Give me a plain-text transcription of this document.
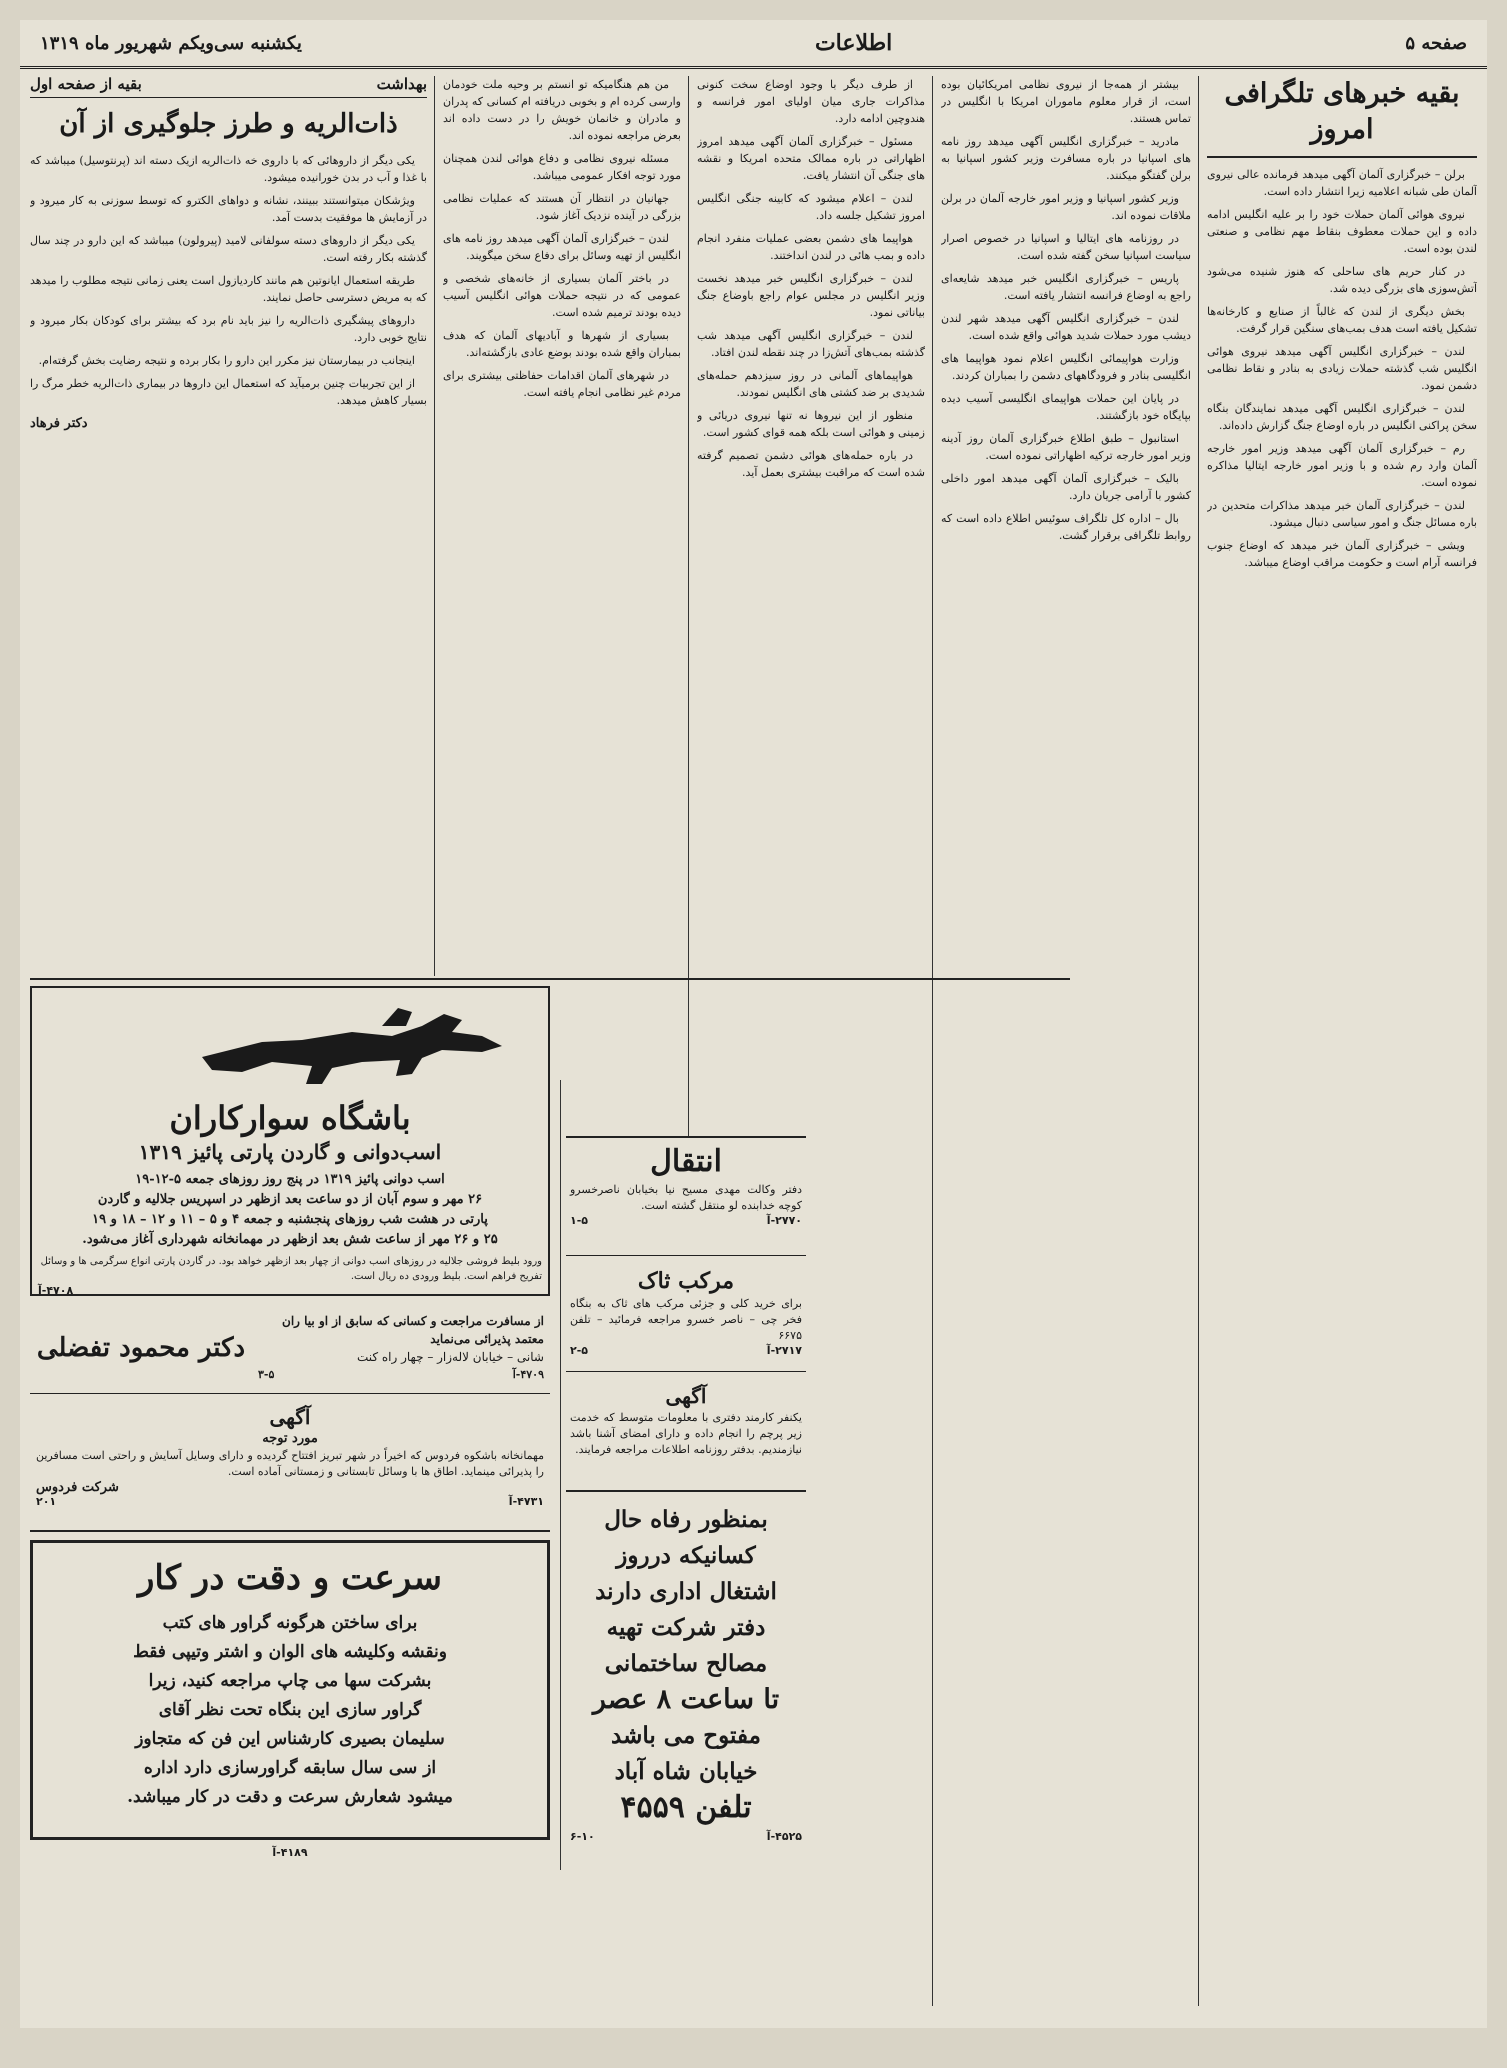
صفحه ۵
اطلاعات
یکشنبه سی‌ویکم شهریور ماه ۱۳۱۹
بقیه خبرهای تلگرافی امروز

برلن – خبرگزاری آلمان آگهی میدهد فرمانده عالی نیروی آلمان طی شبانه اعلامیه زیرا انتشار داده است.

نیروی هوائی آلمان حملات خود را بر علیه انگلیس ادامه داده و این حملات معطوف بنقاط مهم نظامی و صنعتی لندن بوده است.

در کنار حریم های ساحلی که هنوز شنیده می‌شود آتش‌سوزی های بزرگی دیده شد.

بخش دیگری از لندن که غالباً از صنایع و کارخانه‌ها تشکیل یافته است هدف بمب‌های سنگین قرار گرفت.

لندن – خبرگزاری انگلیس آگهی میدهد نیروی هوائی انگلیس شب گذشته حملات زیادی به بنادر و نقاط نظامی دشمن نمود.

لندن – خبرگزاری انگلیس آگهی میدهد نمایندگان بنگاه سخن پراکنی انگلیس در باره اوضاع جنگ گزارش داده‌اند.

رم – خبرگزاری آلمان آگهی میدهد وزیر امور خارجه آلمان وارد رم شده و با وزیر امور خارجه ایتالیا مذاکره نموده است.

لندن – خبرگزاری آلمان خبر میدهد مذاکرات متحدین در باره مسائل جنگ و امور سیاسی دنبال میشود.

ویشی – خبرگزاری آلمان خبر میدهد که اوضاع جنوب فرانسه آرام است و حکومت مراقب اوضاع میباشد.

بیشتر از همه‌جا از نیروی نظامی امریکائیان بوده است، از قرار معلوم ماموران امریکا با انگلیس در تماس هستند.

مادرید – خبرگزاری انگلیس آگهی میدهد روز نامه های اسپانیا در باره مسافرت وزیر کشور اسپانیا به برلن گفتگو میکنند.

وزیر کشور اسپانیا و وزیر امور خارجه آلمان در برلن ملاقات نموده اند.

در روزنامه های ایتالیا و اسپانیا در خصوص اصرار سیاست اسپانیا سخن گفته شده است.

پاریس – خبرگزاری انگلیس خبر میدهد شایعه‌ای راجع به اوضاع فرانسه انتشار یافته است.

لندن – خبرگزاری انگلیس آگهی میدهد شهر لندن دیشب مورد حملات شدید هوائی واقع شده است.

وزارت هواپیمائی انگلیس اعلام نمود هواپیما های انگلیسی بنادر و فرودگاههای دشمن را بمباران کردند.

در پایان این حملات هواپیمای انگلیسی آسیب دیده بپایگاه خود بازگشتند.

استانبول – طبق اطلاع خبرگزاری آلمان روز آدینه وزیر امور خارجه ترکیه اظهاراتی نموده است.

بالیک – خبرگزاری آلمان آگهی میدهد امور داخلی کشور با آرامی جریان دارد.

بال – اداره کل تلگراف سوئیس اطلاع داده است که روابط تلگرافی برقرار گشت.

از طرف دیگر با وجود اوضاع سخت کنونی مذاکرات جاری میان اولیای امور فرانسه و هندوچین ادامه دارد.

مسئول – خبرگزاری آلمان آگهی میدهد امروز اظهاراتی در باره ممالک متحده امریکا و نقشه های جنگی آن انتشار یافت.

لندن – اعلام میشود که کابینه جنگی انگلیس امروز تشکیل جلسه داد.

هواپیما های دشمن بعضی عملیات منفرد انجام داده و بمب هائی در لندن انداختند.

لندن – خبرگزاری انگلیس خبر میدهد نخست وزیر انگلیس در مجلس عوام راجع باوضاع جنگ بیاناتی نمود.

لندن – خبرگزاری انگلیس آگهی میدهد شب گذشته بمب‌های آتش‌زا در چند نقطه لندن افتاد.

هواپیماهای آلمانی در روز سیزدهم حمله‌های شدیدی بر ضد کشتی های انگلیس نمودند.

منظور از این نیروها نه تنها نیروی دریائی و زمینی و هوائی است بلکه همه قوای کشور است.

در باره حمله‌های هوائی دشمن تصمیم گرفته شده است که مراقبت بیشتری بعمل آید.

من هم هنگامیکه تو انستم بر وحیه ملت خودمان وارسی کرده ام و بخوبی دریافته ام کسانی که پدران و مادران و خانمان خویش را در دست داده اند بعرض مراجعه نموده اند.

مسئله نیروی نظامی و دفاع هوائی لندن همچنان مورد توجه افکار عمومی میباشد.

جهانیان در انتظار آن هستند که عملیات نظامی بزرگی در آینده نزدیک آغاز شود.

لندن – خبرگزاری آلمان آگهی میدهد روز نامه های انگلیس از تهیه وسائل برای دفاع سخن میگویند.

در باختر آلمان بسیاری از خانه‌های شخصی و عمومی که در نتیجه حملات هوائی انگلیس آسیب دیده بودند ترمیم شده است.

بسیاری از شهرها و آبادیهای آلمان که هدف بمباران واقع شده بودند بوضع عادی بازگشته‌اند.

در شهرهای آلمان اقدامات حفاظتی بیشتری برای مردم غیر نظامی انجام یافته است.

بهداشت
بقیه از صفحه اول
ذات‌الریه و طرز جلوگیری از آن

یکی دیگر از داروهائی که با داروی خه ذات‌الریه ازیک دسته اند (پرنتوسیل) میباشد که با غذا و آب در بدن خورانیده میشود.

ویژشکان میتوانستند ببینند، نشانه و دواهای الکترو که توسط سوزنی به کار میرود و در آزمایش ها موفقیت بدست آمد.

یکی دیگر از داروهای دسته سولفانی لامید (پیرولون) میباشد که این دارو در چند سال گذشته بکار رفته است.

طریقه استعمال ایانوتین هم مانند کاردیازول است یعنی زمانی نتیجه مطلوب را میدهد که به مریض دسترسی حاصل نمایند.

داروهای پیشگیری ذات‌الریه را نیز باید نام برد که بیشتر برای کودکان بکار میرود و نتایج خوبی دارد.

اینجانب در بیمارستان نیز مکرر این دارو را بکار برده و نتیجه رضایت بخش گرفته‌ام.

از این تجربیات چنین برمیآید که استعمال این داروها در بیماری ذات‌الریه خطر مرگ را بسیار کاهش میدهد.

دکتر فرهاد
باشگاه سوارکاران
اسب‌دوانی و گاردن پارتی پائیز ۱۳۱۹
اسب دوانی پائیز ۱۳۱۹ در پنج روز روزهای جمعه ۵-۱۲-۱۹
۲۶ مهر و سوم آبان از دو ساعت بعد ازظهر در اسپریس جلالیه و گاردن
پارتی در هشت شب روزهای پنجشنبه و جمعه ۴ و ۵ – ۱۱ و ۱۲ – ۱۸ و ۱۹
۲۵ و ۲۶ مهر از ساعت شش بعد ازظهر در مهمانخانه شهرداری آغاز می‌شود.
ورود بلیط فروشی جلالیه در روزهای اسب دوانی از چهار بعد ازظهر خواهد بود. در گاردن پارتی انواع سرگرمی ها و وسائل تفریح فراهم است. بلیط ورودی ده ریال است.
۴۷۰۸-آ
دکتر محمود تفضلی
از مسافرت مراجعت و کسانی که سابق از او بیا ران معتمد پذیرائی می‌نماید
شانی – خیابان لاله‌زار – چهار راه کنت
۴۷۰۹-آ
۳-۵
آگهی
مورد توجه
مهمانخانه باشکوه فردوس که اخیراً در شهر تبریز افتتاح گردیده و دارای وسایل آسایش و راحتی است مسافرین را پذیرائی مینماید. اطاق ها با وسائل تابستانی و زمستانی آماده است.
شرکت فردوس
۴۷۳۱-آ
۲۰۱
سرعت و دقت در کار
برای ساختن هرگونه گراور های کتب
ونقشه وکلیشه های الوان و اشتر وتیپی فقط
بشرکت سها می چاپ مراجعه کنید، زیرا
گراور سازی این بنگاه تحت نظر آقای
سلیمان بصیری کارشناس این فن که متجاوز
از سی سال سابقه گراورسازی دارد اداره
میشود شعارش سرعت و دقت در کار میباشد.
۴۱۸۹-آ
انتقال
دفتر وکالت مهدی مسیح نیا بخیابان ناصرخسرو کوچه خدابنده لو منتقل گشته است.
۲۷۷۰-آ
۱-۵
مرکب ثاک
برای خرید کلی و جزئی مرکب های ثاک به بنگاه فخر چی – ناصر خسرو مراجعه فرمائید – تلفن ۶۶۷۵
۲۷۱۷-آ
۲-۵
آگهی
یکنفر کارمند دفتری با معلومات متوسط که خدمت زیر پرچم را انجام داده و دارای امضای آشنا باشد نیازمندیم. بدفتر روزنامه اطلاعات مراجعه فرمایند.
بمنظور رفاه حال
کسانیکه درروز
اشتغال اداری دارند
دفتر شرکت تهیه
مصالح ساختمانی
تا ساعت ۸ عصر
مفتوح می باشد
خیابان شاه آباد
تلفن ۴۵۵۹
۴۵۲۵-آ
۶-۱۰
